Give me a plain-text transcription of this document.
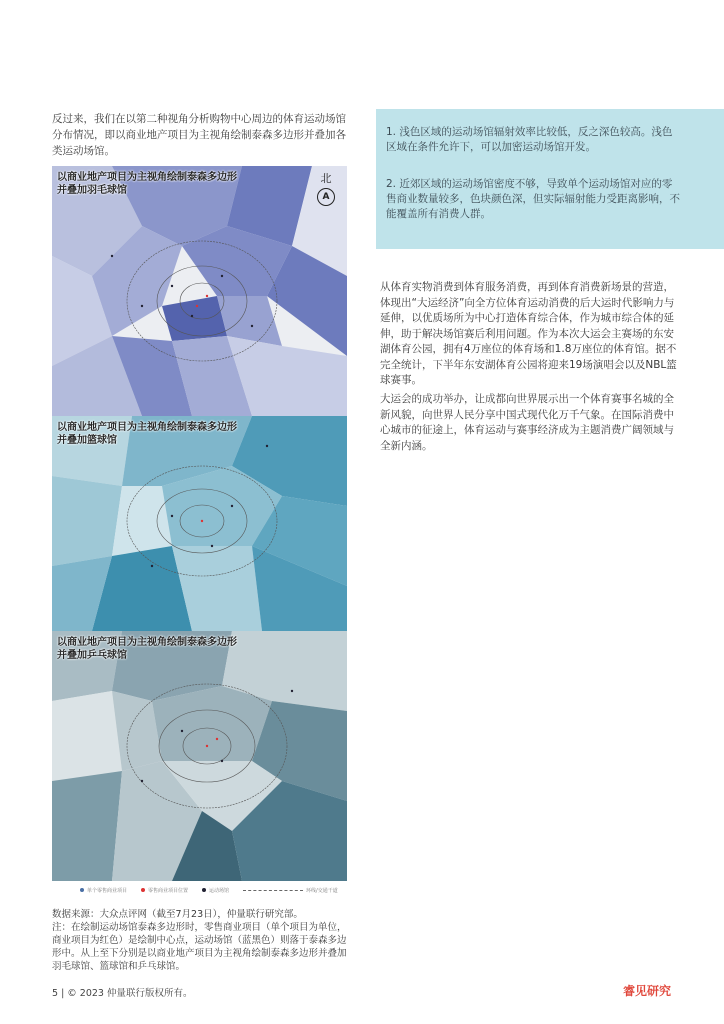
反过来，我们在以第二种视角分析购物中心周边的体育运动场馆分布情况，即以商业地产项目为主视角绘制泰森多边形并叠加各类运动场馆。

1. 浅色区域的运动场馆辐射效率比较低，反之深色较高。浅色区域在条件允许下，可以加密运动场馆开发。

2. 近郊区域的运动场馆密度不够，导致单个运动场馆对应的零售商业数量较多，色块颜色深，但实际辐射能力受距离影响，不能覆盖所有消费人群。

从体育实物消费到体育服务消费，再到体育消费新场景的营造，体现出“大运经济”向全方位体育运动消费的后大运时代影响力与延伸，以优质场所为中心打造体育综合体，作为城市综合体的延伸，助于解决场馆赛后利用问题。作为本次大运会主赛场的东安湖体育公园，拥有4万座位的体育场和1.8万座位的体育馆。据不完全统计，下半年东安湖体育公园将迎来19场演唱会以及NBL篮球赛事。

大运会的成功举办，让成都向世界展示出一个体育赛事名城的全新风貌，向世界人民分享中国式现代化万千气象。在国际消费中心城市的征途上，体育运动与赛事经济成为主题消费广阔领域与全新内涵。

以商业地产项目为主视角绘制泰森多边形
并叠加羽毛球馆
北
A
以商业地产项目为主视角绘制泰森多边形
并叠加篮球馆
以商业地产项目为主视角绘制泰森多边形
并叠加乒乓球馆
单个零售商业项目	零售商业项目位置	运动场馆	环线/交通干道
数据来源：大众点评网（截至7月23日），仲量联行研究部。
注：在绘制运动场馆泰森多边形时，零售商业项目（单个项目为单位，商业项目为红色）是绘制中心点，运动场馆（蓝黑色）则落于泰森多边形中。从上至下分别是以商业地产项目为主视角绘制泰森多边形并叠加羽毛球馆、篮球馆和乒乓球馆。
5 | © 2023 仲量联行版权所有。	睿见研究
